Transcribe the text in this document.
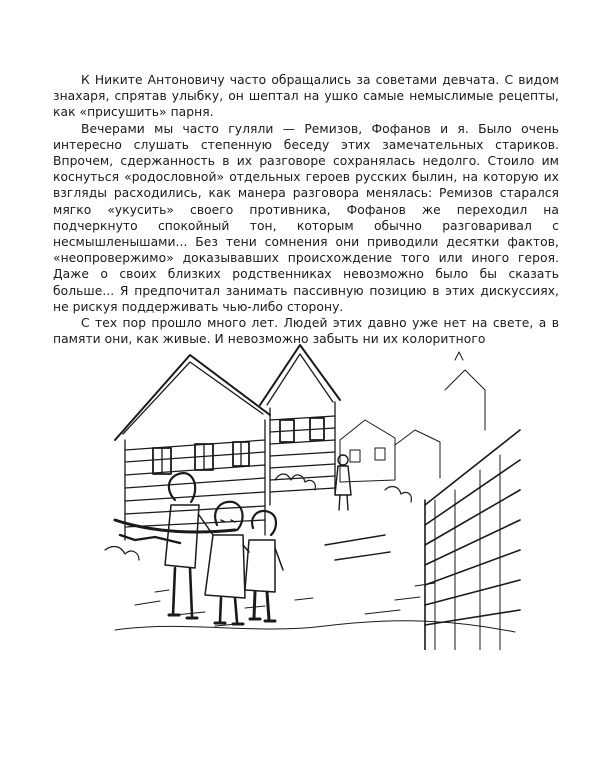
К Никите Антоновичу часто обращались за советами девчата. С видом знахаря, спрятав улыбку, он шептал на ушко самые немыслимые рецепты, как «присушить» парня.

Вечерами мы часто гуляли — Ремизов, Фофанов и я. Было очень интересно слушать степенную беседу этих замечательных стариков. Впрочем, сдержанность в их разговоре сохранялась недолго. Стоило им коснуться «родословной» отдельных героев русских былин, на которую их взгляды расходились, как манера разговора менялась: Ремизов старался мягко «укусить» своего противника, Фофанов же переходил на подчеркнуто спокойный тон, которым обычно разговаривал с несмышленышами... Без тени сомнения они приводили десятки фактов, «неопровержимо» доказывавших происхождение того или иного героя. Даже о своих близких родственниках невозможно было бы сказать больше... Я предпочитал занимать пассивную позицию в этих дискуссиях, не рискуя поддерживать чью-либо сторону.

С тех пор прошло много лет. Людей этих давно уже нет на свете, а в памяти они, как живые. И невозможно забыть ни их колоритного
